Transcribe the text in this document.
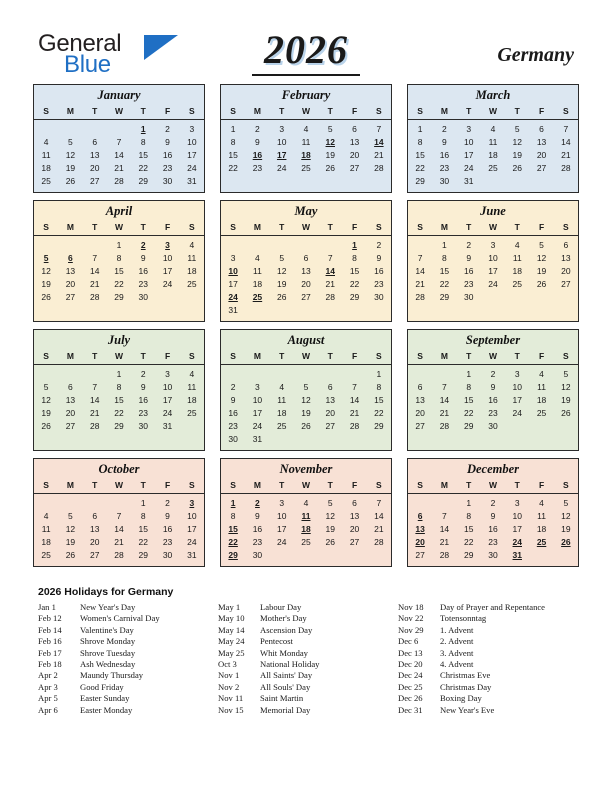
General
Blue	2026	Germany
January
S	M	T	W	T	F	S
				1	2	3
4	5	6	7	8	9	10
11	12	13	14	15	16	17
18	19	20	21	22	23	24
25	26	27	28	29	30	31
February
S	M	T	W	T	F	S
1	2	3	4	5	6	7
8	9	10	11	12	13	14
15	16	17	18	19	20	21
22	23	24	25	26	27	28

March
S	M	T	W	T	F	S
1	2	3	4	5	6	7
8	9	10	11	12	13	14
15	16	17	18	19	20	21
22	23	24	25	26	27	28
29	30	31				
April
S	M	T	W	T	F	S
			1	2	3	4
5	6	7	8	9	10	11
12	13	14	15	16	17	18
19	20	21	22	23	24	25
26	27	28	29	30		
May
S	M	T	W	T	F	S
					1	2
3	4	5	6	7	8	9
10	11	12	13	14	15	16
17	18	19	20	21	22	23
24	25	26	27	28	29	30
31						
June
S	M	T	W	T	F	S
	1	2	3	4	5	6
7	8	9	10	11	12	13
14	15	16	17	18	19	20
21	22	23	24	25	26	27
28	29	30				
July
S	M	T	W	T	F	S
			1	2	3	4
5	6	7	8	9	10	11
12	13	14	15	16	17	18
19	20	21	22	23	24	25
26	27	28	29	30	31	
August
S	M	T	W	T	F	S
						1
2	3	4	5	6	7	8
9	10	11	12	13	14	15
16	17	18	19	20	21	22
23	24	25	26	27	28	29
30	31					
September
S	M	T	W	T	F	S
		1	2	3	4	5
6	7	8	9	10	11	12
13	14	15	16	17	18	19
20	21	22	23	24	25	26
27	28	29	30			
October
S	M	T	W	T	F	S
				1	2	3
4	5	6	7	8	9	10
11	12	13	14	15	16	17
18	19	20	21	22	23	24
25	26	27	28	29	30	31
November
S	M	T	W	T	F	S
1	2	3	4	5	6	7
8	9	10	11	12	13	14
15	16	17	18	19	20	21
22	23	24	25	26	27	28
29	30					
December
S	M	T	W	T	F	S
		1	2	3	4	5
6	7	8	9	10	11	12
13	14	15	16	17	18	19
20	21	22	23	24	25	26
27	28	29	30	31		
2026 Holidays for Germany
Jan 1	New Year's Day
Feb 12	Women's Carnival Day
Feb 14	Valentine's Day
Feb 16	Shrove Monday
Feb 17	Shrove Tuesday
Feb 18	Ash Wednesday
Apr 2	Maundy Thursday
Apr 3	Good Friday
Apr 5	Easter Sunday
Apr 6	Easter Monday
May 1	Labour Day
May 10	Mother's Day
May 14	Ascension Day
May 24	Pentecost
May 25	Whit Monday
Oct 3	National Holiday
Nov 1	All Saints' Day
Nov 2	All Souls' Day
Nov 11	Saint Martin
Nov 15	Memorial Day
Nov 18	Day of Prayer and Repentance
Nov 22	Totensonntag
Nov 29	1. Advent
Dec 6	2. Advent
Dec 13	3. Advent
Dec 20	4. Advent
Dec 24	Christmas Eve
Dec 25	Christmas Day
Dec 26	Boxing Day
Dec 31	New Year's Eve
